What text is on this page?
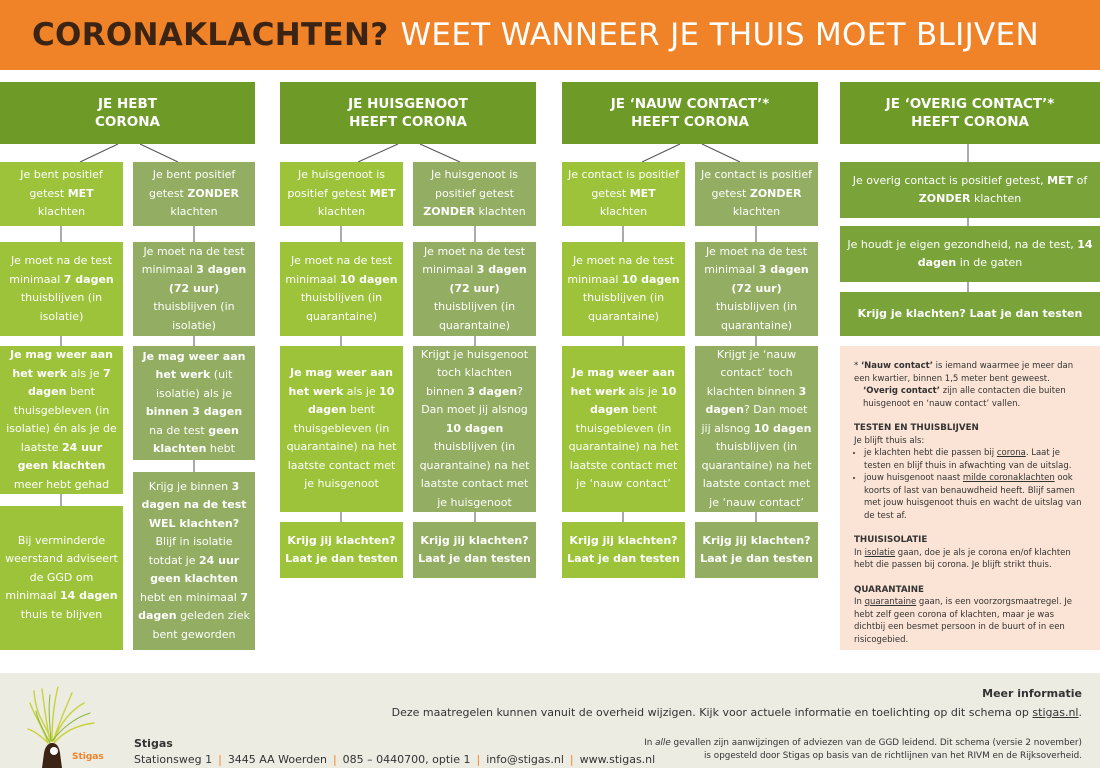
CORONAKLACHTEN? WEET WANNEER JE THUIS MOET BLIJVEN
JE HEBT
CORONA
JE HUISGENOOT
HEEFT CORONA
JE ‘NAUW CONTACT’*
HEEFT CORONA
JE ‘OVERIG CONTACT’*
HEEFT CORONA
Je bent positief getest MET klachten
Je moet na de test minimaal 7 dagen thuisblijven (in isolatie)
Je mag weer aan het werk als je 7 dagen bent thuisgebleven (in isolatie) én als je de laatste 24 uur geen klachten meer hebt gehad
Bij verminderde weerstand adviseert de GGD om minimaal 14 dagen thuis te blijven
Je bent positief getest ZONDER klachten
Je moet na de test minimaal 3 dagen (72 uur) thuisblijven (in isolatie)
Je mag weer aan het werk (uit isolatie) als je binnen 3 dagen na de test geen klachten hebt
Krijg je binnen 3 dagen na de test WEL klachten? Blijf in isolatie totdat je 24 uur geen klachten hebt en minimaal 7 dagen geleden ziek bent geworden
Je huisgenoot is positief getest MET klachten
Je moet na de test minimaal 10 dagen thuisblijven (in quarantaine)
Je mag weer aan het werk als je 10 dagen bent thuisgebleven (in quarantaine) na het laatste contact met je huisgenoot
Krijg jij klachten? Laat je dan testen
Je huisgenoot is positief getest ZONDER klachten
Je moet na de test minimaal 3 dagen (72 uur) thuisblijven (in quarantaine)
Krijgt je huisgenoot toch klachten binnen 3 dagen? Dan moet jij alsnog 10 dagen thuisblijven (in quarantaine) na het laatste contact met je huisgenoot
Krijg jij klachten? Laat je dan testen
Je contact is positief getest MET klachten
Je moet na de test minimaal 10 dagen thuisblijven (in quarantaine)
Je mag weer aan het werk als je 10 dagen bent thuisgebleven (in quarantaine) na het laatste contact met je ‘nauw contact’
Krijg jij klachten? Laat je dan testen
Je contact is positief getest ZONDER klachten
Je moet na de test minimaal 3 dagen (72 uur) thuisblijven (in quarantaine)
Krijgt je ‘nauw contact’ toch klachten binnen 3 dagen? Dan moet jij alsnog 10 dagen thuisblijven (in quarantaine) na het laatste contact met je ‘nauw contact’
Krijg jij klachten? Laat je dan testen
Je overig contact is positief getest, MET of ZONDER klachten
Je houdt je eigen gezondheid, na de test, 14 dagen in de gaten
Krijg je klachten? Laat je dan testen

* ‘Nauw contact’ is iemand waarmee je meer dan een kwartier, binnen 1,5 meter bent geweest.

‘Overig contact’ zijn alle contacten die buiten huisgenoot en ‘nauw contact’ vallen.

TESTEN EN THUISBLIJVEN

Je blijft thuis als:

• je klachten hebt die passen bij corona. Laat je testen en blijf thuis in afwachting van de uitslag.
• jouw huisgenoot naast milde coronaklachten ook koorts of last van benauwdheid heeft. Blijf samen met jouw huisgenoot thuis en wacht de uitslag van de test af.

THUISISOLATIE

In isolatie gaan, doe je als je corona en/of klachten hebt die passen bij corona. Je blijft strikt thuis.

QUARANTAINE

In quarantaine gaan, is een voorzorgsmaatregel. Je hebt zelf geen corona of klachten, maar je was dichtbij een besmet persoon in de buurt of in een risicogebied.

Meer informatie
Deze maatregelen kunnen vanuit de overheid wijzigen. Kijk voor actuele informatie en toelichting op dit schema op stigas.nl.
In alle gevallen zijn aanwijzingen of adviezen van de GGD leidend. Dit schema (versie 2 november)
is opgesteld door Stigas op basis van de richtlijnen van het RIVM en de Rijksoverheid.
Stigas
Stationsweg 1 | 3445 AA Woerden | 085 – 0440700, optie 1 | info@stigas.nl | www.stigas.nl
Stigas
